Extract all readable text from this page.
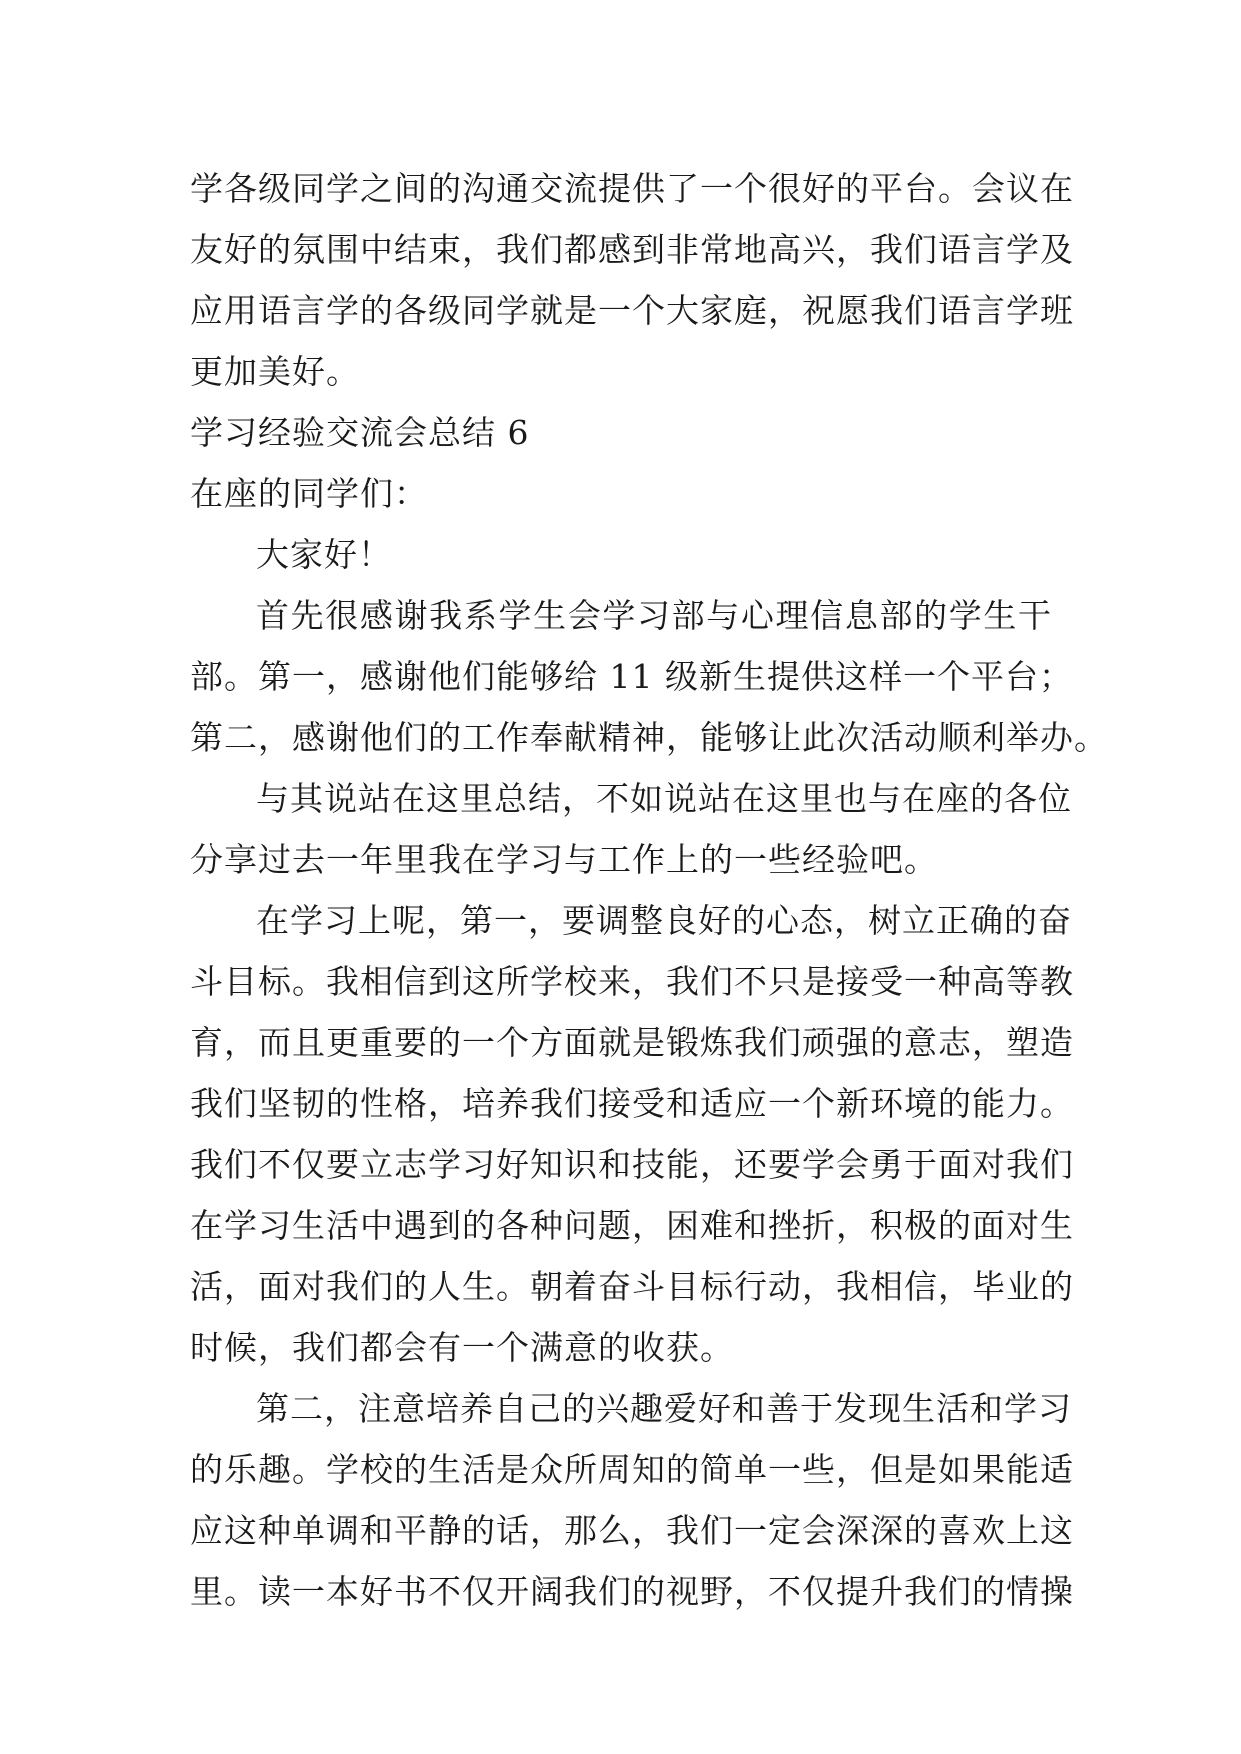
学各级同学之间的沟通交流提供了一个很好的平台。会议在
友好的氛围中结束，我们都感到非常地高兴，我们语言学及
应用语言学的各级同学就是一个大家庭，祝愿我们语言学班
更加美好。
学习经验交流会总结 6
在座的同学们：
大家好！
首先很感谢我系学生会学习部与心理信息部的学生干
部。第一，感谢他们能够给 11 级新生提供这样一个平台；
第二，感谢他们的工作奉献精神，能够让此次活动顺利举办。
与其说站在这里总结，不如说站在这里也与在座的各位
分享过去一年里我在学习与工作上的一些经验吧。
在学习上呢，第一，要调整良好的心态，树立正确的奋
斗目标。我相信到这所学校来，我们不只是接受一种高等教
育，而且更重要的一个方面就是锻炼我们顽强的意志，塑造
我们坚韧的性格，培养我们接受和适应一个新环境的能力。
我们不仅要立志学习好知识和技能，还要学会勇于面对我们
在学习生活中遇到的各种问题，困难和挫折，积极的面对生
活，面对我们的人生。朝着奋斗目标行动，我相信，毕业的
时候，我们都会有一个满意的收获。
第二，注意培养自己的兴趣爱好和善于发现生活和学习
的乐趣。学校的生活是众所周知的简单一些，但是如果能适
应这种单调和平静的话，那么，我们一定会深深的喜欢上这
里。读一本好书不仅开阔我们的视野，不仅提升我们的情操
